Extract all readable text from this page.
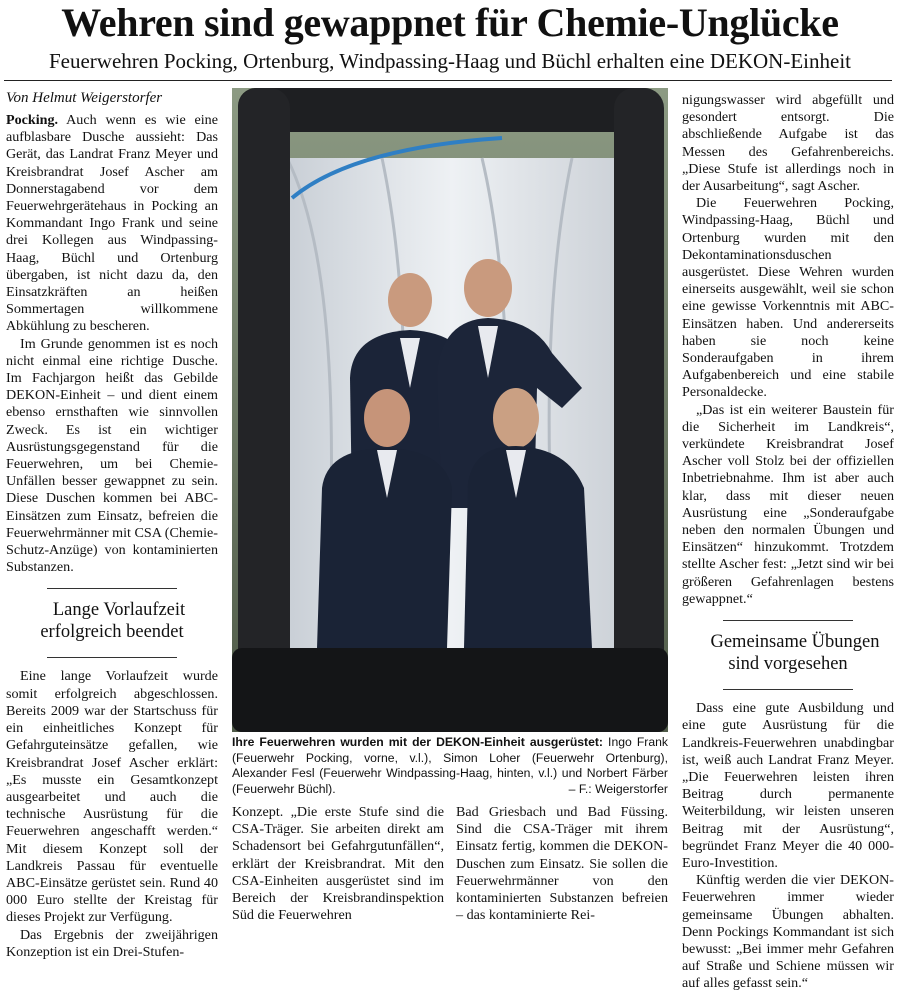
Wehren sind gewappnet für Chemie-Unglücke
Feuerwehren Pocking, Ortenburg, Windpassing-Haag und Büchl erhalten eine DEKON-Einheit
Von Helmut Weigerstorfer

Pocking. Auch wenn es wie eine aufblasbare Dusche aussieht: Das Gerät, das Landrat Franz Meyer und Kreisbrandrat Josef Ascher am Donnerstagabend vor dem Feuerwehrgerätehaus in Pocking an Kommandant Ingo Frank und seine drei Kollegen aus Windpassing-Haag, Büchl und Ortenburg übergaben, ist nicht dazu da, den Einsatzkräften an heißen Sommertagen willkommene Abkühlung zu bescheren.

Im Grunde genommen ist es noch nicht einmal eine richtige Dusche. Im Fachjargon heißt das Gebilde DEKON-Einheit – und dient einem ebenso ernsthaften wie sinnvollen Zweck. Es ist ein wichtiger Ausrüstungsgegenstand für die Feuerwehren, um bei Chemie-Unfällen besser gewappnet zu sein. Diese Duschen kommen bei ABC-Einsätzen zum Einsatz, befreien die Feuerwehrmänner mit CSA (Chemie-Schutz-Anzüge) von kontaminierten Substanzen.

Lange Vorlaufzeit
erfolgreich beendet

Eine lange Vorlaufzeit wurde somit erfolgreich abgeschlossen. Bereits 2009 war der Startschuss für ein einheitliches Konzept für Gefahrguteinsätze gefallen, wie Kreisbrandrat Josef Ascher erklärt: „Es musste ein Gesamtkonzept ausgearbeitet und auch die technische Ausrüstung für die Feuerwehren angeschafft werden.“ Mit diesem Konzept soll der Landkreis Passau für eventuelle ABC-Einsätze gerüstet sein. Rund 40 000 Euro stellte der Kreistag für dieses Projekt zur Verfügung.

Das Ergebnis der zweijährigen Konzeption ist ein Drei-Stufen-

Ihre Feuerwehren wurden mit der DEKON-Einheit ausgerüstet: Ingo Frank (Feuerwehr Pocking, vorne, v.l.), Simon Loher (Feuerwehr Ortenburg), Alexander Fesl (Feuerwehr Windpassing-Haag, hinten, v.l.) und Norbert Färber (Feuerwehr Büchl).	– F.: Weigerstorfer

Konzept. „Die erste Stufe sind die CSA-Träger. Sie arbeiten direkt am Schadensort bei Gefahrgutunfällen“, erklärt der Kreisbrandrat. Mit den CSA-Einheiten ausgerüstet sind im Bereich der Kreisbrandinspektion Süd die Feuerwehren

Bad Griesbach und Bad Füssing. Sind die CSA-Träger mit ihrem Einsatz fertig, kommen die DEKON-Duschen zum Einsatz. Sie sollen die Feuerwehrmänner von den kontaminierten Substanzen befreien – das kontaminierte Rei-

nigungswasser wird abgefüllt und gesondert entsorgt. Die abschließende Aufgabe ist das Messen des Gefahrenbereichs. „Diese Stufe ist allerdings noch in der Ausarbeitung“, sagt Ascher.

Die Feuerwehren Pocking, Windpassing-Haag, Büchl und Ortenburg wurden mit den Dekontaminationsduschen ausgerüstet. Diese Wehren wurden einerseits ausgewählt, weil sie schon eine gewisse Vorkenntnis mit ABC-Einsätzen haben. Und andererseits haben sie noch keine Sonderaufgaben in ihrem Aufgabenbereich und eine stabile Personaldecke.

„Das ist ein weiterer Baustein für die Sicherheit im Landkreis“, verkündete Kreisbrandrat Josef Ascher voll Stolz bei der offiziellen Inbetriebnahme. Ihm ist aber auch klar, dass mit dieser neuen Ausrüstung eine „Sonderaufgabe neben den normalen Übungen und Einsätzen“ hinzukommt. Trotzdem stellte Ascher fest: „Jetzt sind wir bei größeren Gefahrenlagen bestens gewappnet.“

Gemeinsame Übungen
sind vorgesehen

Dass eine gute Ausbildung und eine gute Ausrüstung für die Landkreis-Feuerwehren unabdingbar ist, weiß auch Landrat Franz Meyer. „Die Feuerwehren leisten ihren Beitrag durch permanente Weiterbildung, wir leisten unseren Beitrag mit der Ausrüstung“, begründet Franz Meyer die 40 000-Euro-Investition.

Künftig werden die vier DEKON-Feuerwehren immer wieder gemeinsame Übungen abhalten. Denn Pockings Kommandant ist sich bewusst: „Bei immer mehr Gefahren auf Straße und Schiene müssen wir auf alles gefasst sein.“
